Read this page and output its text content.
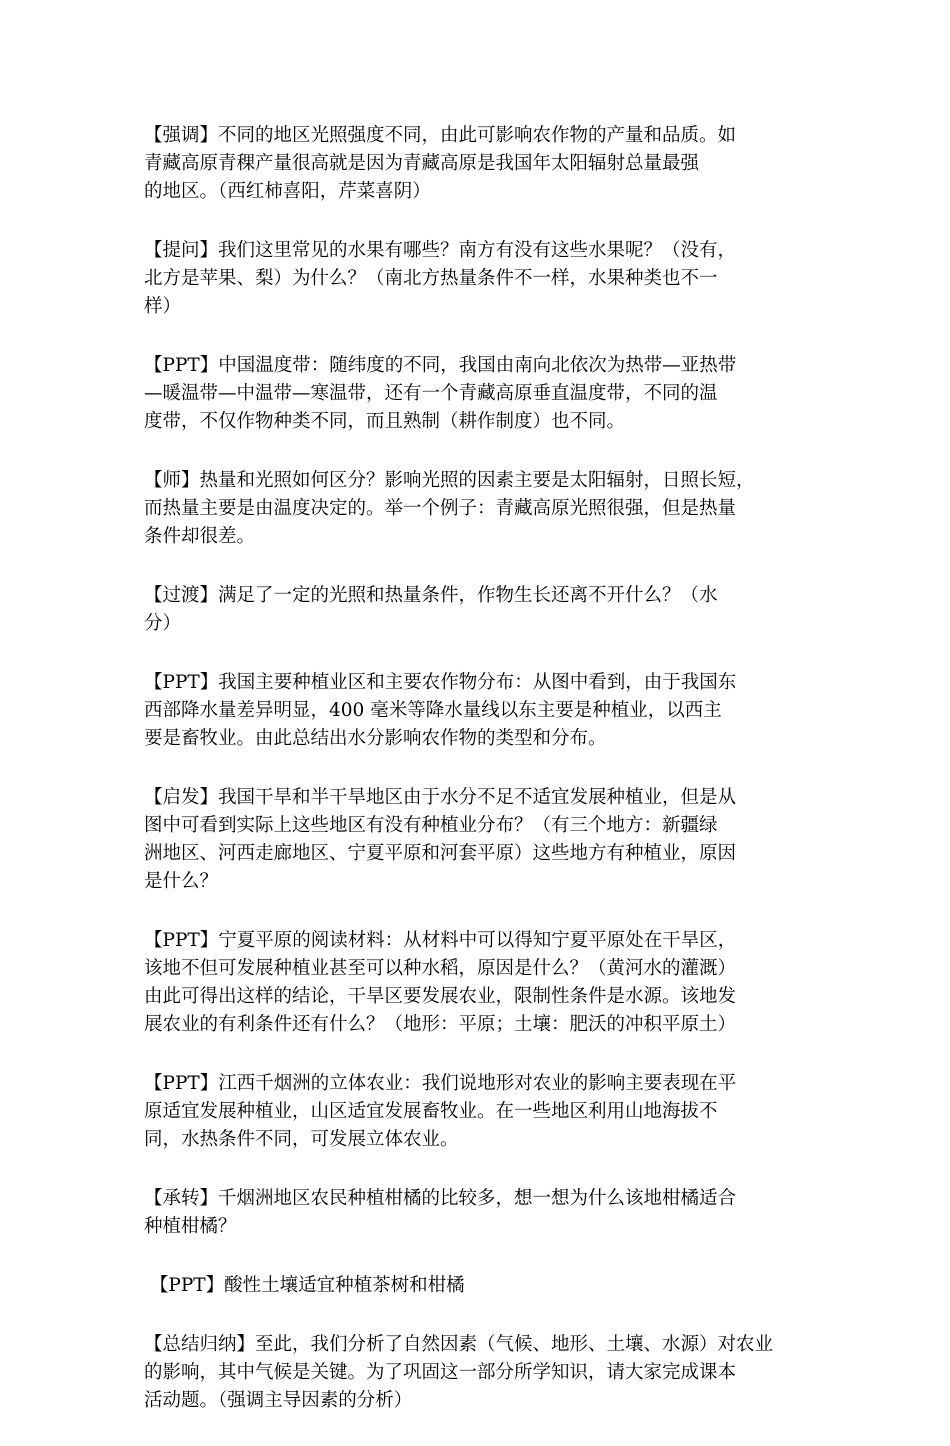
【强调】不同的地区光照强度不同，由此可影响农作物的产量和品质。如
青藏高原青稞产量很高就是因为青藏高原是我国年太阳辐射总量最强
的地区。（西红柿喜阳，芹菜喜阴）
【提问】我们这里常见的水果有哪些？南方有没有这些水果呢？（没有，
北方是苹果、梨）为什么？（南北方热量条件不一样，水果种类也不一
样）
【PPT】中国温度带：随纬度的不同，我国由南向北依次为热带—亚热带
—暖温带—中温带—寒温带，还有一个青藏高原垂直温度带，不同的温
度带，不仅作物种类不同，而且熟制（耕作制度）也不同。
【师】热量和光照如何区分？影响光照的因素主要是太阳辐射，日照长短，
而热量主要是由温度决定的。举一个例子：青藏高原光照很强，但是热量
条件却很差。
【过渡】满足了一定的光照和热量条件，作物生长还离不开什么？（水
分）
【PPT】我国主要种植业区和主要农作物分布：从图中看到，由于我国东
西部降水量差异明显，400 毫米等降水量线以东主要是种植业，以西主
要是畜牧业。由此总结出水分影响农作物的类型和分布。
【启发】我国干旱和半干旱地区由于水分不足不适宜发展种植业，但是从
图中可看到实际上这些地区有没有种植业分布？（有三个地方：新疆绿
洲地区、河西走廊地区、宁夏平原和河套平原）这些地方有种植业，原因
是什么？
【PPT】宁夏平原的阅读材料：从材料中可以得知宁夏平原处在干旱区，
该地不但可发展种植业甚至可以种水稻，原因是什么？（黄河水的灌溉）
由此可得出这样的结论，干旱区要发展农业，限制性条件是水源。该地发
展农业的有利条件还有什么？（地形：平原；土壤：肥沃的冲积平原土）
【PPT】江西千烟洲的立体农业：我们说地形对农业的影响主要表现在平
原适宜发展种植业，山区适宜发展畜牧业。在一些地区利用山地海拔不
同，水热条件不同，可发展立体农业。
【承转】千烟洲地区农民种植柑橘的比较多，想一想为什么该地柑橘适合
种植柑橘？
【PPT】酸性土壤适宜种植茶树和柑橘
【总结归纳】至此，我们分析了自然因素（气候、地形、土壤、水源）对农业
的影响，其中气候是关键。为了巩固这一部分所学知识，请大家完成课本
活动题。（强调主导因素的分析）
